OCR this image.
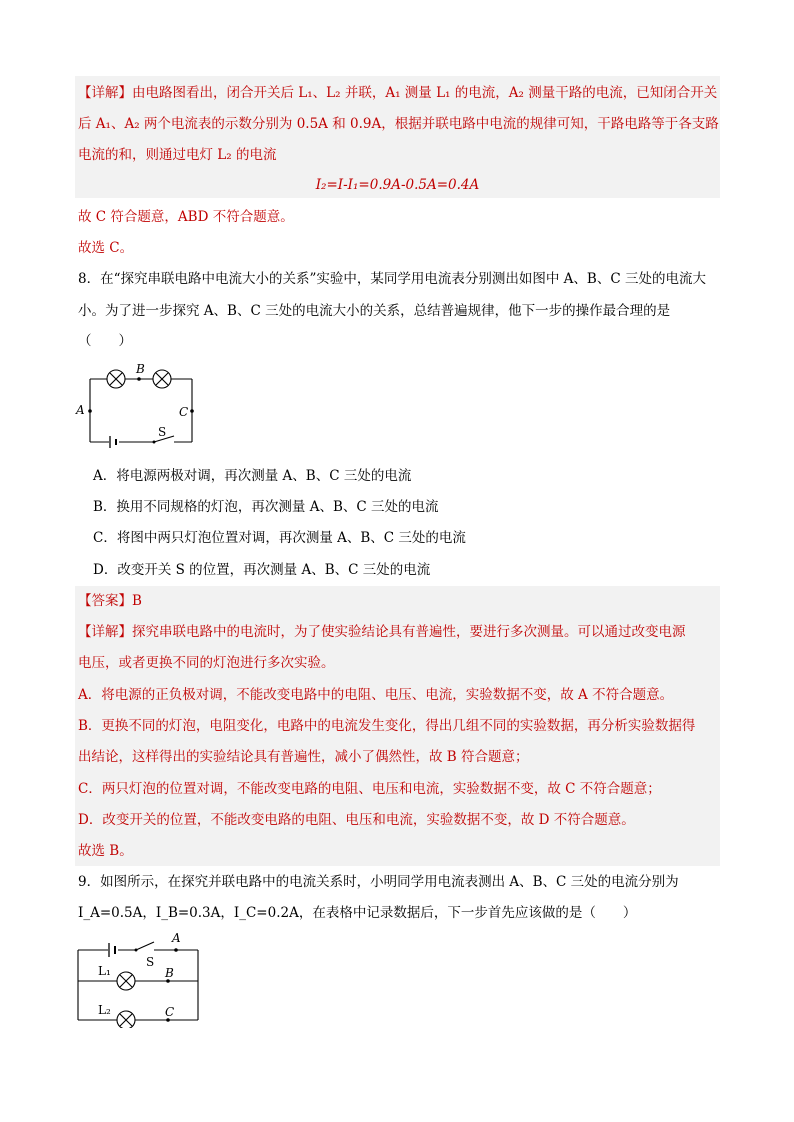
【详解】由电路图看出，闭合开关后 L₁、L₂ 并联，A₁ 测量 L₁ 的电流，A₂ 测量干路的电流，已知闭合开关
后 A₁、A₂ 两个电流表的示数分别为 0.5A 和 0.9A，根据并联电路中电流的规律可知，干路电路等于各支路
电流的和，则通过电灯 L₂ 的电流
I₂=I-I₁=0.9A-0.5A=0.4A
故 C 符合题意，ABD 不符合题意。
故选 C。
8．在“探究串联电路中电流大小的关系”实验中，某同学用电流表分别测出如图中 A、B、C 三处的电流大
小。为了进一步探究 A、B、C 三处的电流大小的关系，总结普遍规律，他下一步的操作最合理的是
（　　）
B
A	C
S
A．将电源两极对调，再次测量 A、B、C 三处的电流
B．换用不同规格的灯泡，再次测量 A、B、C 三处的电流
C．将图中两只灯泡位置对调，再次测量 A、B、C 三处的电流
D．改变开关 S 的位置，再次测量 A、B、C 三处的电流
【答案】B
【详解】探究串联电路中的电流时，为了使实验结论具有普遍性，要进行多次测量。可以通过改变电源
电压，或者更换不同的灯泡进行多次实验。
A．将电源的正负极对调，不能改变电路中的电阻、电压、电流，实验数据不变，故 A 不符合题意。
B．更换不同的灯泡，电阻变化，电路中的电流发生变化，得出几组不同的实验数据，再分析实验数据得
出结论，这样得出的实验结论具有普遍性，减小了偶然性，故 B 符合题意；
C．两只灯泡的位置对调，不能改变电路的电阻、电压和电流，实验数据不变，故 C 不符合题意；
D．改变开关的位置，不能改变电路的电阻、电压和电流，实验数据不变，故 D 不符合题意。
故选 B。
9．如图所示，在探究并联电路中的电流关系时，小明同学用电流表测出 A、B、C 三处的电流分别为
I_A=0.5A，I_B=0.3A，I_C=0.2A，在表格中记录数据后，下一步首先应该做的是（　　）
A
S
L₁	B
L₂	C
